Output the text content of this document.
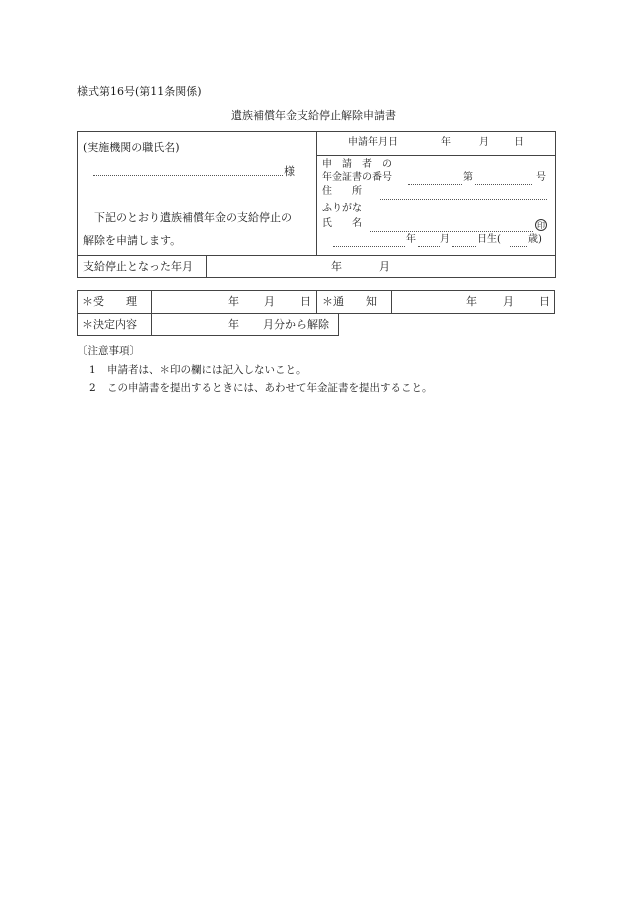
様式第16号(第11条関係)
遺族補償年金支給停止解除申請書
(実施機関の職氏名)
様
下記のとおり遺族補償年金の支給停止の
解除を申請します。
申請年月日	年	月	日
申　請　者　の
年金証書の番号	第	号
住　　所
ふりがな
氏　　名	印
年 月	日生(	歳)
支給停止となった年月	年	月
＊受　　理	年 月 日 ＊通　　知	年 月 日
＊決定内容	年 月分から解除
〔注意事項〕
1 申請者は、＊印の欄には記入しないこと。
2 この申請書を提出するときには、あわせて年金証書を提出すること。
